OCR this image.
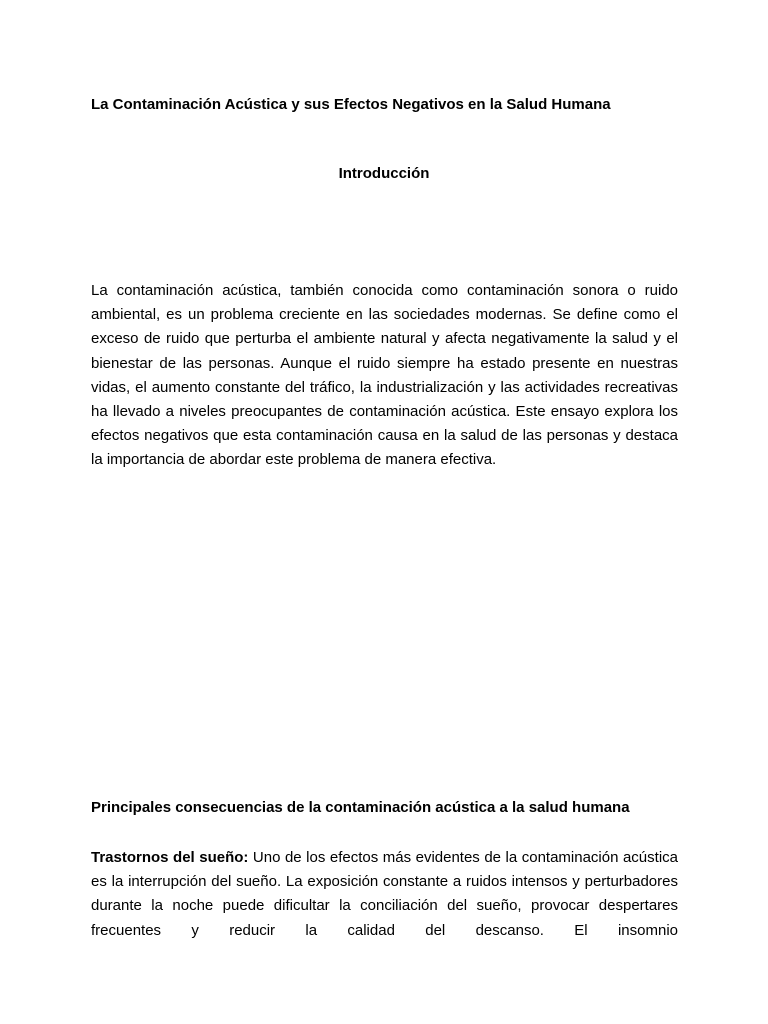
La Contaminación Acústica y sus Efectos Negativos en la Salud Humana
Introducción

La contaminación acústica, también conocida como contaminación sonora o ruido ambiental, es un problema creciente en las sociedades modernas. Se define como el exceso de ruido que perturba el ambiente natural y afecta negativamente la salud y el bienestar de las personas. Aunque el ruido siempre ha estado presente en nuestras vidas, el aumento constante del tráfico, la industrialización y las actividades recreativas ha llevado a niveles preocupantes de contaminación acústica. Este ensayo explora los efectos negativos que esta contaminación causa en la salud de las personas y destaca la importancia de abordar este problema de manera efectiva.

Principales consecuencias de la contaminación acústica a la salud humana

Trastornos del sueño: Uno de los efectos más evidentes de la contaminación acústica es la interrupción del sueño. La exposición constante a ruidos intensos y perturbadores durante la noche puede dificultar la conciliación del sueño, provocar despertares frecuentes y reducir la calidad del descanso. El insomnio
